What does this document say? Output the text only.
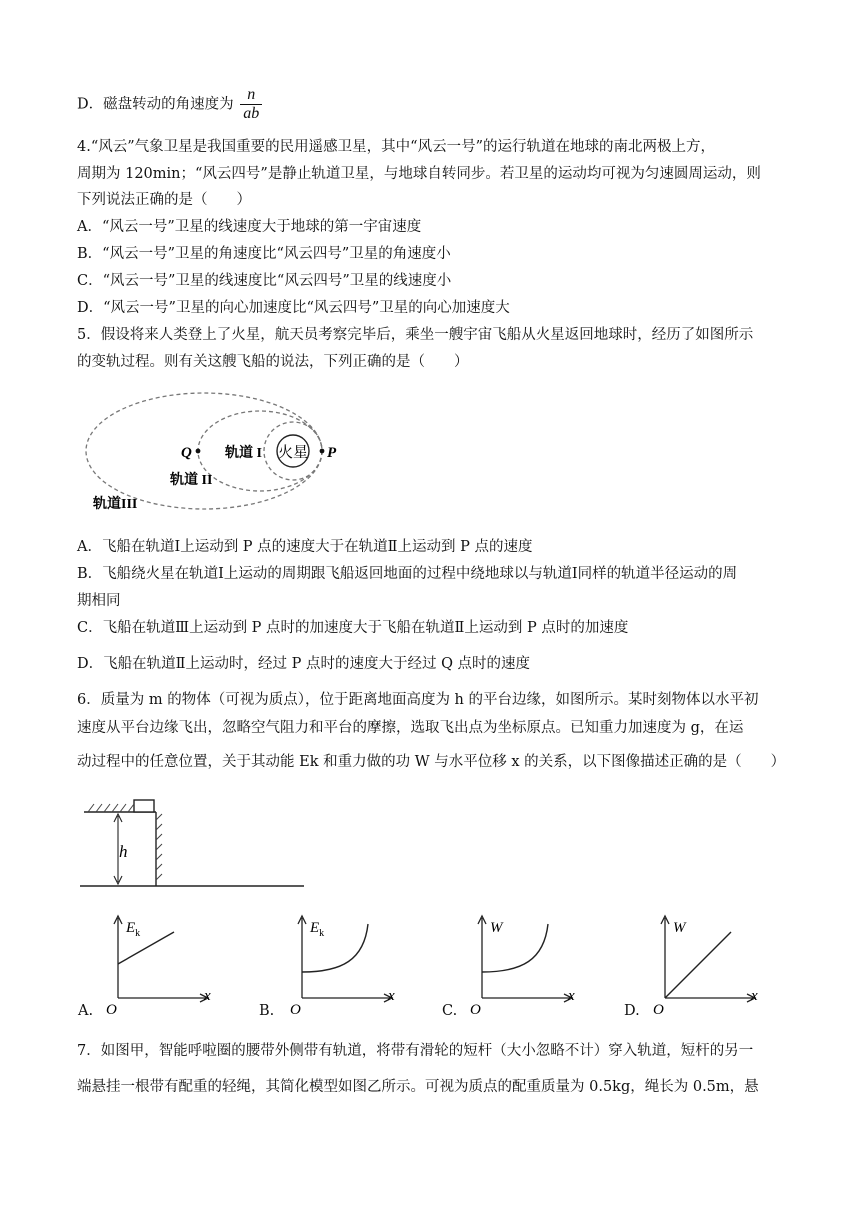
D．磁盘转动的角速度为 $\frac{n}{ab}$
4.“风云”气象卫星是我国重要的民用遥感卫星，其中“风云一号”的运行轨道在地球的南北两极上方，
周期为 120min；“风云四号”是静止轨道卫星，与地球自转同步。若卫星的运动均可视为匀速圆周运动，则
下列说法正确的是（　　）
A．“风云一号”卫星的线速度大于地球的第一宇宙速度
B．“风云一号”卫星的角速度比“风云四号”卫星的角速度小
C．“风云一号”卫星的线速度比“风云四号”卫星的线速度小
D．“风云一号”卫星的向心加速度比“风云四号”卫星的向心加速度大
5．假设将来人类登上了火星，航天员考察完毕后，乘坐一艘宇宙飞船从火星返回地球时，经历了如图所示
的变轨过程。则有关这艘飞船的说法，下列正确的是（　　）
火星
Q	P
轨道 I
轨道 II
轨道III
A．飞船在轨道Ⅰ上运动到 P 点的速度大于在轨道Ⅱ上运动到 P 点的速度
B．飞船绕火星在轨道Ⅰ上运动的周期跟飞船返回地面的过程中绕地球以与轨道Ⅰ同样的轨道半径运动的周
期相同
C．飞船在轨道Ⅲ上运动到 P 点时的加速度大于飞船在轨道Ⅱ上运动到 P 点时的加速度
D．飞船在轨道Ⅱ上运动时，经过 P 点时的速度大于经过 Q 点时的速度
6．质量为 m 的物体（可视为质点），位于距离地面高度为 h 的平台边缘，如图所示。某时刻物体以水平初
速度从平台边缘飞出，忽略空气阻力和平台的摩擦，选取飞出点为坐标原点。已知重力加速度为 g，在运
动过程中的任意位置，关于其动能 Ek 和重力做的功 W 与水平位移 x 的关系，以下图像描述正确的是（　　）
h
A.
$E_k$
x
O	B.
$E_k$
x
O	C.
W
x
O	D.
W
x
O
7．如图甲，智能呼啦圈的腰带外侧带有轨道，将带有滑轮的短杆（大小忽略不计）穿入轨道，短杆的另一
端悬挂一根带有配重的轻绳，其简化模型如图乙所示。可视为质点的配重质量为 0.5kg，绳长为 0.5m，悬
